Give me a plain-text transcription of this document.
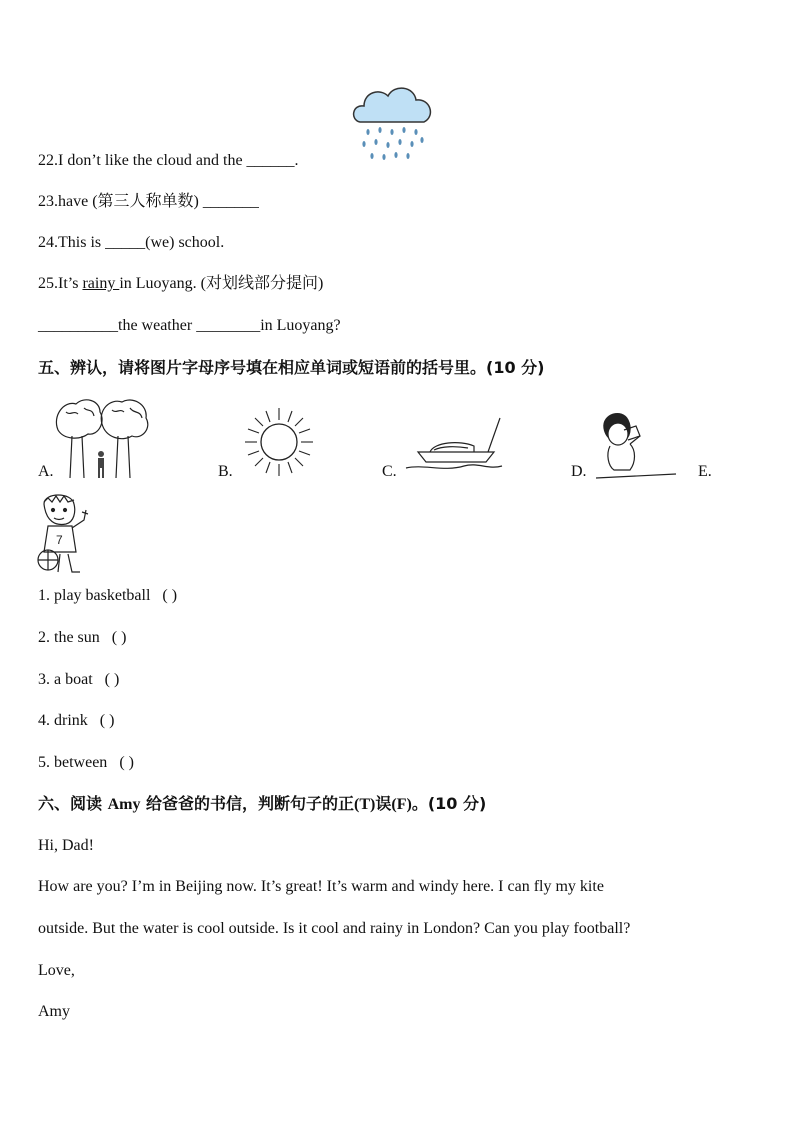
22.I don’t like the cloud and the ______.
23.have (第三人称单数) _______
24.This is _____(we) school.
25.It’s rainy in Luoyang. (对划线部分提问)
__________the weather ________in Luoyang?
五、辨认，请将图片字母序号填在相应单词或短语前的括号里。(10 分)
A.	B.	C.	D.	E.
7
1. play basketball ( )
2. the sun ( )
3. a boat ( )
4. drink ( )
5. between ( )
六、阅读 Amy 给爸爸的书信，判断句子的正(T)误(F)。(10 分)
Hi, Dad!
How are you? I’m in Beijing now. It’s great! It’s warm and windy here. I can fly my kite
outside. But the water is cool outside. Is it cool and rainy in London? Can you play football?
Love,
Amy
